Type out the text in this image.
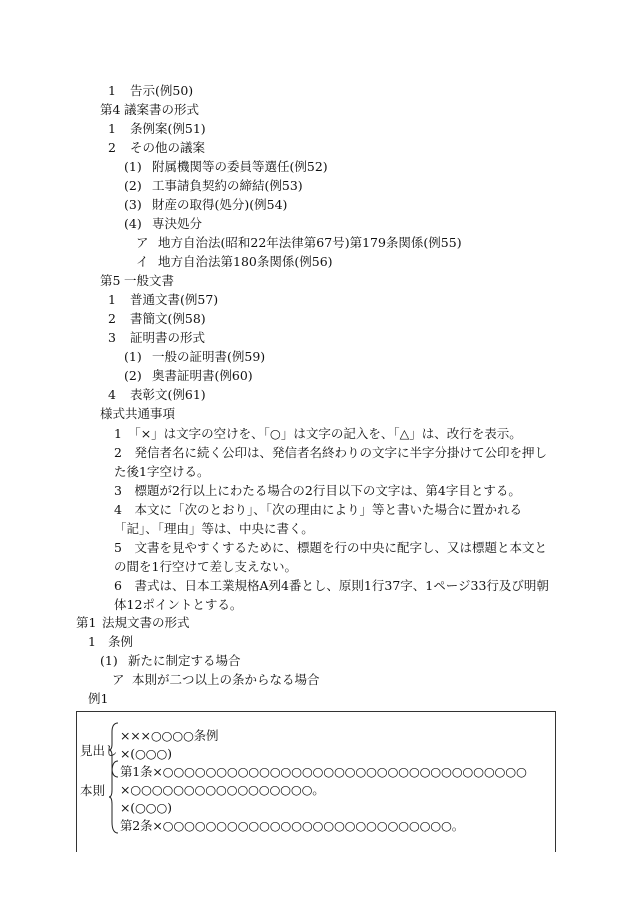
1 告示(例50)
第4 議案書の形式
1 条例案(例51)
2 その他の議案
(1) 附属機関等の委員等選任(例52)
(2) 工事請負契約の締結(例53)
(3) 財産の取得(処分)(例54)
(4) 専決処分
ア 地方自治法(昭和22年法律第67号)第179条関係(例55)
イ 地方自治法第180条関係(例56)
第5 一般文書
1 普通文書(例57)
2 書簡文(例58)
3 証明書の形式
(1) 一般の証明書(例59)
(2) 奥書証明書(例60)
4 表彰文(例61)
様式共通事項
1　「×」は文字の空けを、「○」は文字の記入を、「△」は、改行を表示。
2　発信者名に続く公印は、発信者名終わりの文字に半字分掛けて公印を押した後1字空ける。
3　標題が2行以上にわたる場合の2行目以下の文字は、第4字目とする。
4　本文に「次のとおり」、「次の理由により」等と書いた場合に置かれる「記」、「理由」等は、中央に書く。
5　文書を見やすくするために、標題を行の中央に配字し、又は標題と本文との間を1行空けて差し支えない。
6　書式は、日本工業規格A列4番とし、原則1行37字、1ページ33行及び明朝体12ポイントとする。
第1 法規文書の形式
1 条例
(1) 新たに制定する場合
ア 本則が二つ以上の条からなる場合
例1
見出し
本則
×××○○○○条例
×(○○○)
第1条×○○○○○○○○○○○○○○○○○○○○○○○○○○○○○○○○○○
×○○○○○○○○○○○○○○○○○。
×(○○○)
第2条×○○○○○○○○○○○○○○○○○○○○○○○○○○○。
